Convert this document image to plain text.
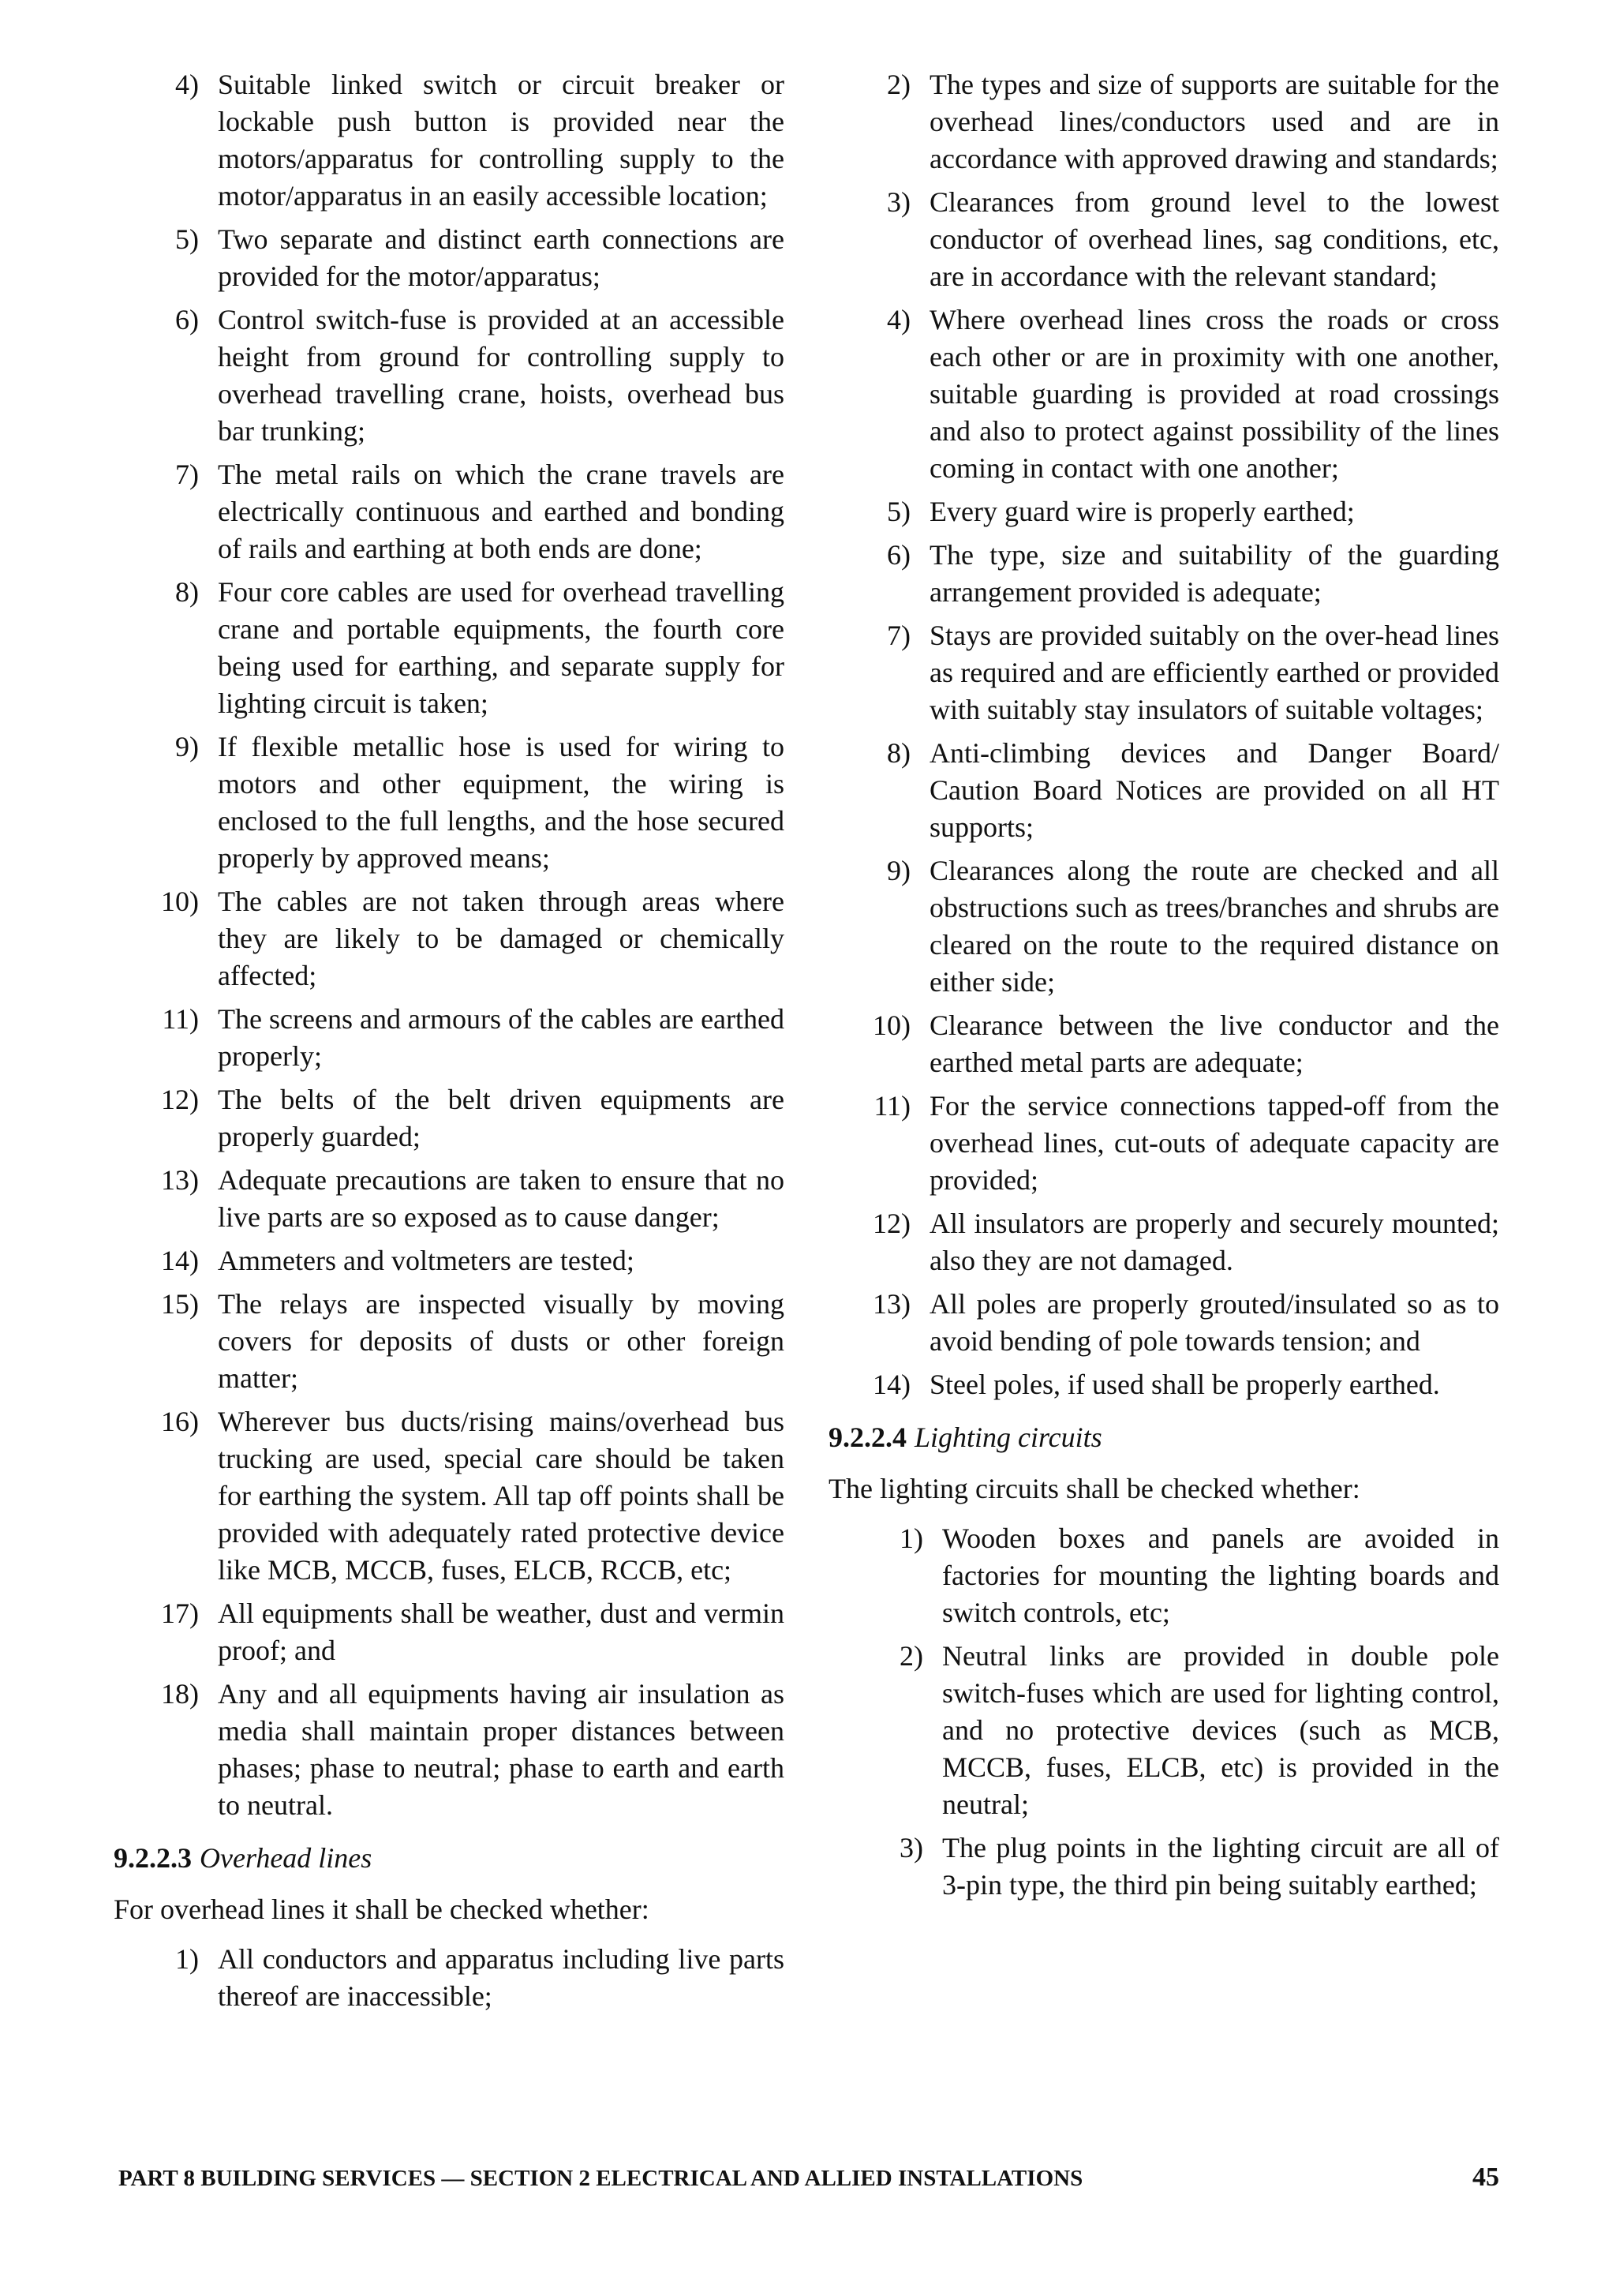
4) Suitable linked switch or circuit breaker or lockable push button is provided near the motors/apparatus for controlling supply to the motor/apparatus in an easily accessible location;
5) Two separate and distinct earth connections are provided for the motor/apparatus;
6) Control switch-fuse is provided at an accessible height from ground for controlling supply to overhead travelling crane, hoists, overhead bus bar trunking;
7) The metal rails on which the crane travels are electrically continuous and earthed and bonding of rails and earthing at both ends are done;
8) Four core cables are used for overhead travelling crane and portable equipments, the fourth core being used for earthing, and separate supply for lighting circuit is taken;
9) If flexible metallic hose is used for wiring to motors and other equipment, the wiring is enclosed to the full lengths, and the hose secured properly by approved means;
10) The cables are not taken through areas where they are likely to be damaged or chemically affected;
11) The screens and armours of the cables are earthed properly;
12) The belts of the belt driven equipments are properly guarded;
13) Adequate precautions are taken to ensure that no live parts are so exposed as to cause danger;
14) Ammeters and voltmeters are tested;
15) The relays are inspected visually by moving covers for deposits of dusts or other foreign matter;
16) Wherever bus ducts/rising mains/overhead bus trucking are used, special care should be taken for earthing the system. All tap off points shall be provided with adequately rated protective device like MCB, MCCB, fuses, ELCB, RCCB, etc;
17) All equipments shall be weather, dust and vermin proof; and
18) Any and all equipments having air insulation as media shall maintain proper distances between phases; phase to neutral; phase to earth and earth to neutral.
9.2.2.3 Overhead lines

For overhead lines it shall be checked whether:

1) All conductors and apparatus including live parts thereof are inaccessible;
2) The types and size of supports are suitable for the overhead lines/conductors used and are in accordance with approved drawing and standards;
3) Clearances from ground level to the lowest conductor of overhead lines, sag conditions, etc, are in accordance with the relevant standard;
4) Where overhead lines cross the roads or cross each other or are in proximity with one another, suitable guarding is provided at road crossings and also to protect against possibility of the lines coming in contact with one another;
5) Every guard wire is properly earthed;
6) The type, size and suitability of the guarding arrangement provided is adequate;
7) Stays are provided suitably on the over-head lines as required and are efficiently earthed or provided with suitably stay insulators of suitable voltages;
8) Anti-climbing devices and Danger Board/ Caution Board Notices are provided on all HT supports;
9) Clearances along the route are checked and all obstructions such as trees/branches and shrubs are cleared on the route to the required distance on either side;
10) Clearance between the live conductor and the earthed metal parts are adequate;
11) For the service connections tapped-off from the overhead lines, cut-outs of adequate capacity are provided;
12) All insulators are properly and securely mounted; also they are not damaged.
13) All poles are properly grouted/insulated so as to avoid bending of pole towards tension; and
14) Steel poles, if used shall be properly earthed.
9.2.2.4 Lighting circuits

The lighting circuits shall be checked whether:

1) Wooden boxes and panels are avoided in factories for mounting the lighting boards and switch controls, etc;
2) Neutral links are provided in double pole switch-fuses which are used for lighting control, and no protective devices (such as MCB, MCCB, fuses, ELCB, etc) is provided in the neutral;
3) The plug points in the lighting circuit are all of 3-pin type, the third pin being suitably earthed;
PART 8 BUILDING SERVICES — SECTION 2 ELECTRICAL AND ALLIED INSTALLATIONS	45
